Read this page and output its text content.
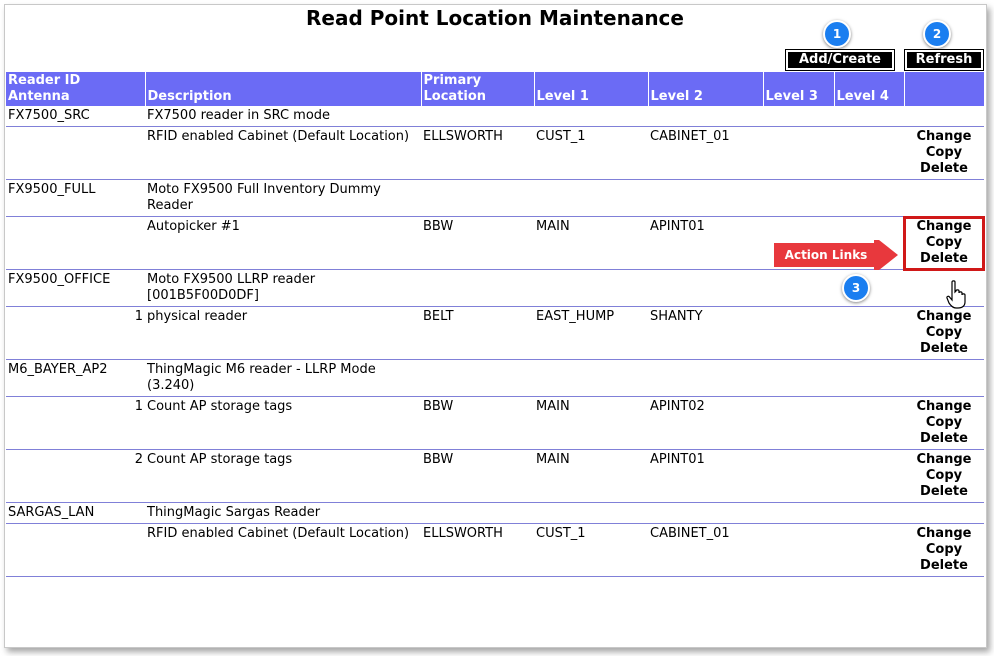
Read Point Location Maintenance
1	2
Add/Create	Refresh
Reader ID Antenna	Description	Primary Location	Level 1	Level 2	Level 3	Level 4	
FX7500_SRC	FX7500 reader in SRC mode						
	RFID enabled Cabinet (Default Location)	ELLSWORTH	CUST_1	CABINET_01			Change
Copy
Delete

FX9500_FULL	Moto FX9500 Full Inventory Dummy Reader						
	Autopicker #1	BBW	MAIN	APINT01			Change
Copy
Delete

FX9500_OFFICE	Moto FX9500 LLRP reader [001B5F00D0DF]						
1	physical reader	BELT	EAST_HUMP	SHANTY			Change
Copy
Delete

M6_BAYER_AP2	ThingMagic M6 reader - LLRP Mode (3.240)						
1	Count AP storage tags	BBW	MAIN	APINT02			Change
Copy
Delete

2	Count AP storage tags	BBW	MAIN	APINT01			Change
Copy
Delete

SARGAS_LAN	ThingMagic Sargas Reader						
	RFID enabled Cabinet (Default Location)	ELLSWORTH	CUST_1	CABINET_01			Change
Copy
Delete
Action Links
3
